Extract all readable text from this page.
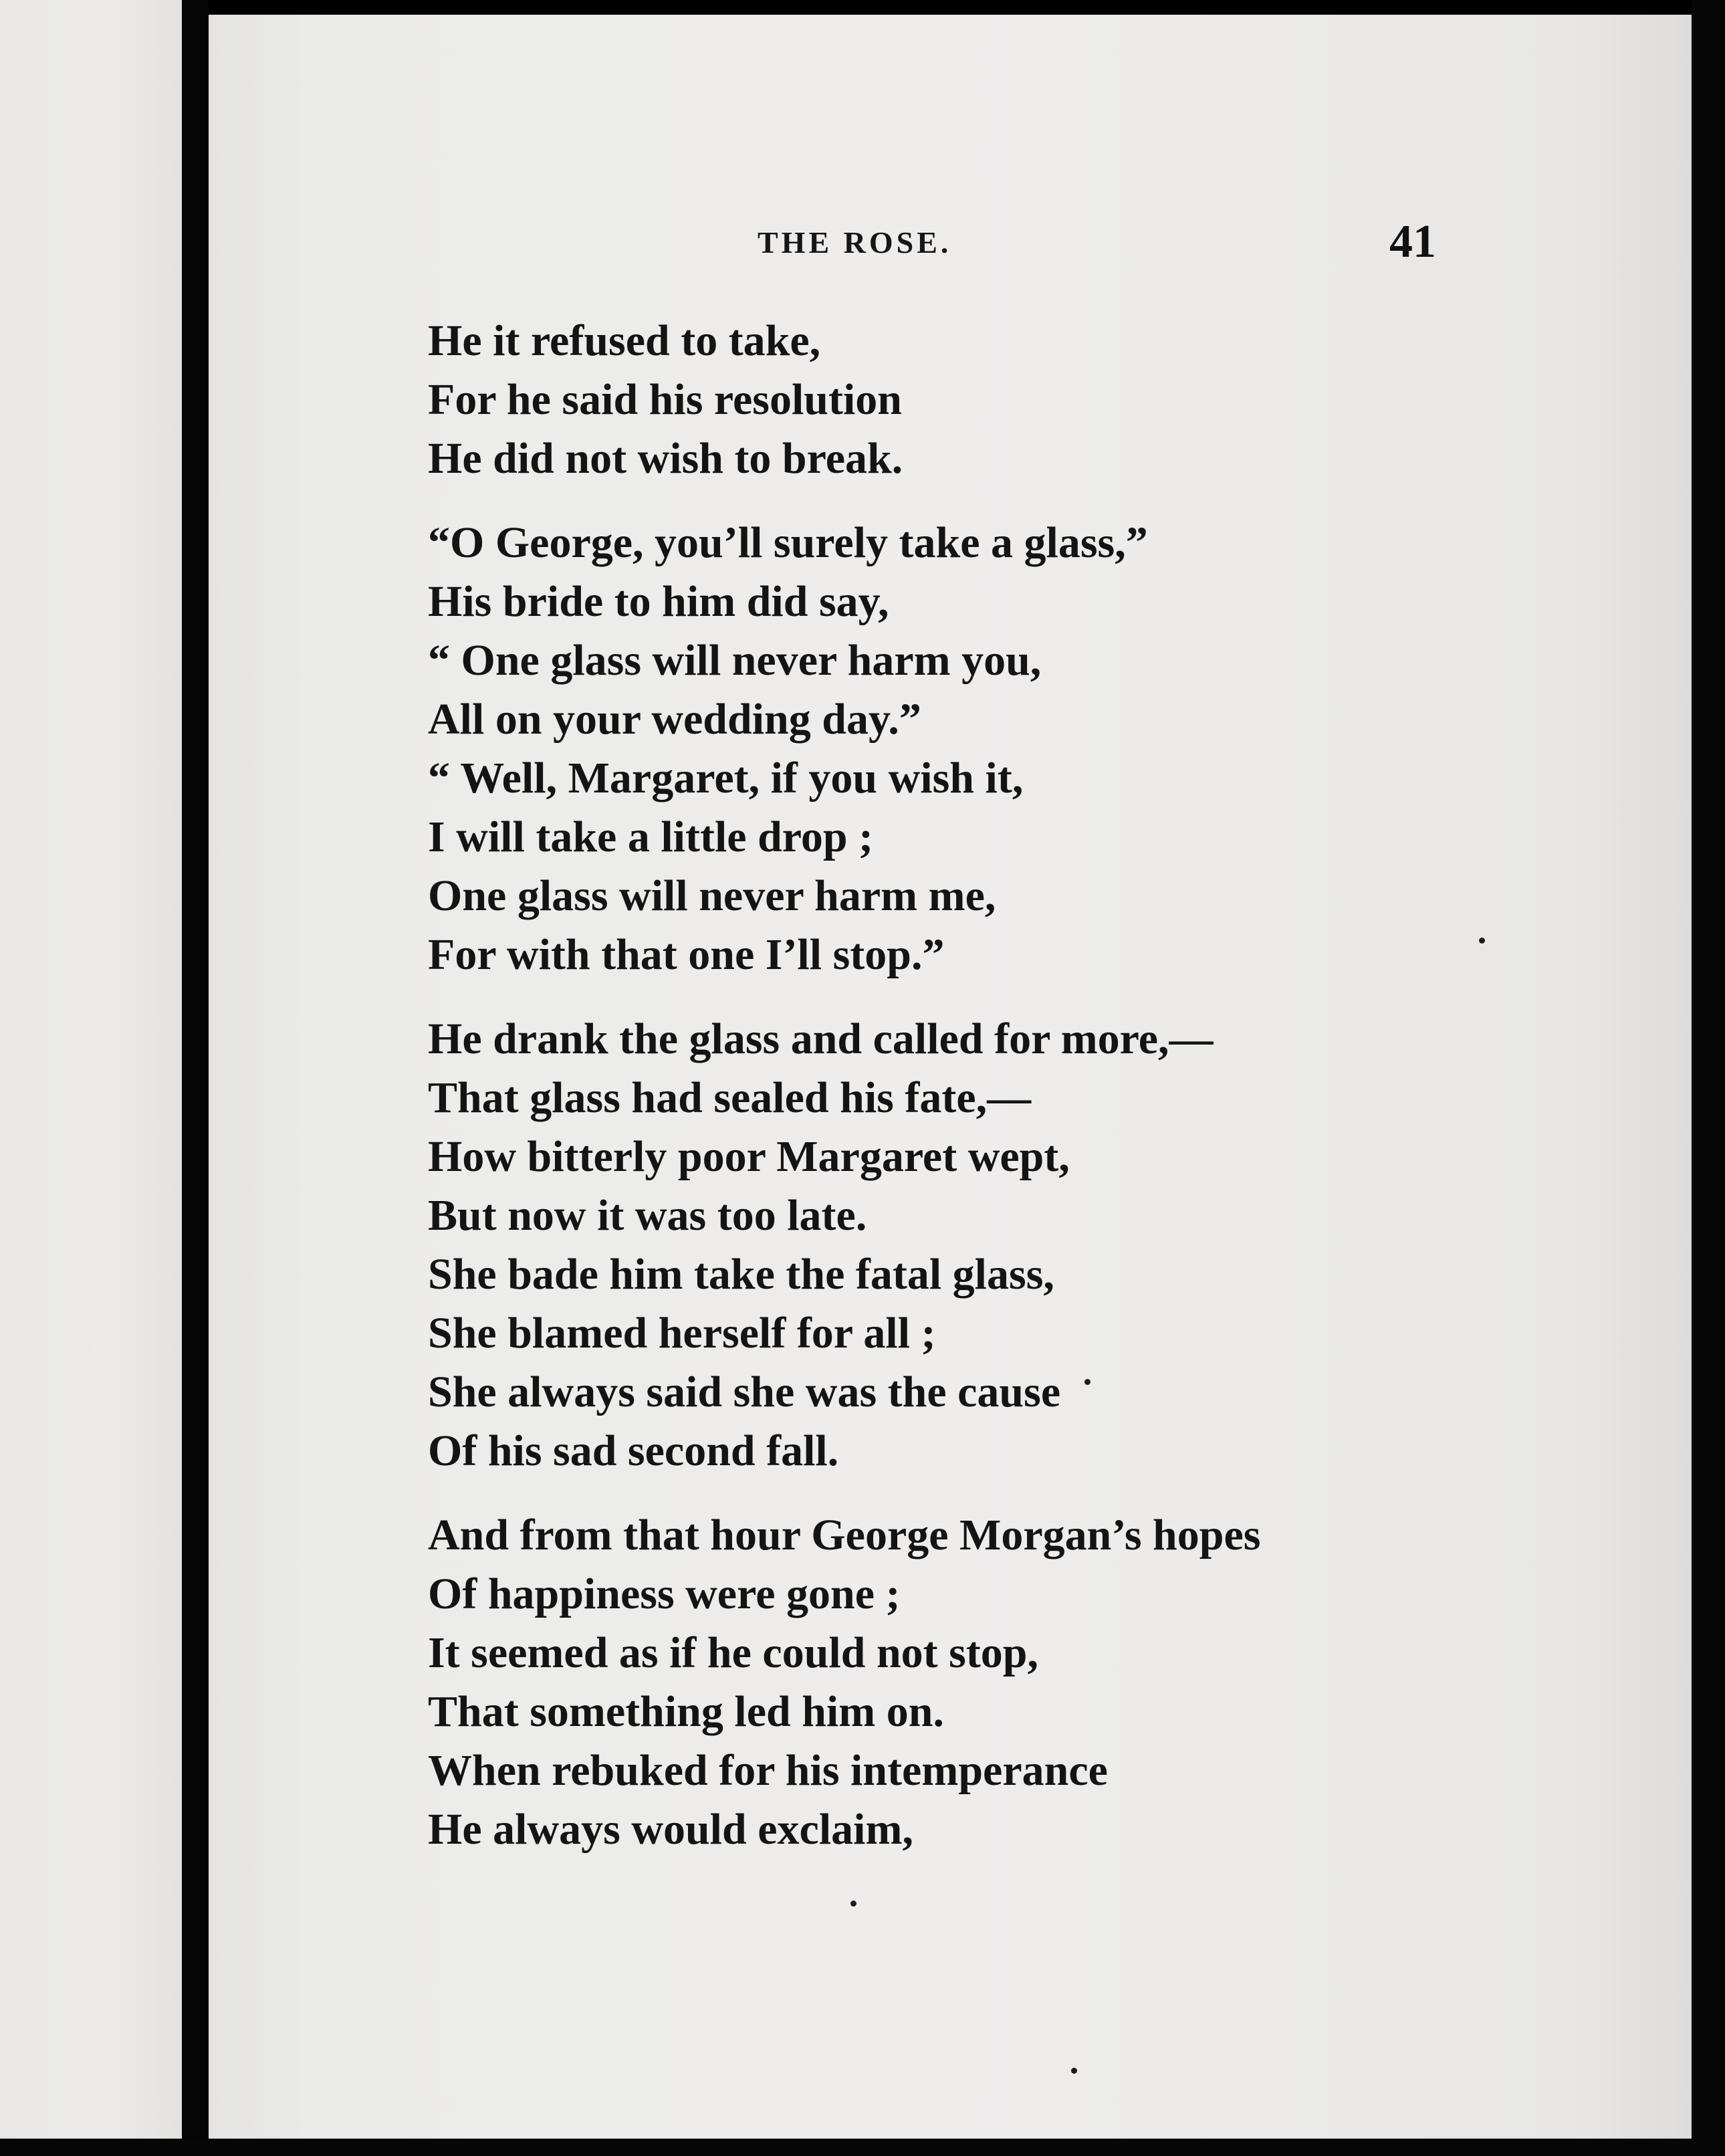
THE ROSE.	41
He it refused to take,
For he said his resolution
He did not wish to break.
“O George, you’ll surely take a glass,”
His bride to him did say,
“ One glass will never harm you,
All on your wedding day.”
“ Well, Margaret, if you wish it,
I will take a little drop ;
One glass will never harm me,
For with that one I’ll stop.”
He drank the glass and called for more,—
That glass had sealed his fate,—
How bitterly poor Margaret wept,
But now it was too late.
She bade him take the fatal glass,
She blamed herself for all ;
She always said she was the cause
Of his sad second fall.
And from that hour George Morgan’s hopes
Of happiness were gone ;
It seemed as if he could not stop,
That something led him on.
When rebuked for his intemperance
He always would exclaim,
